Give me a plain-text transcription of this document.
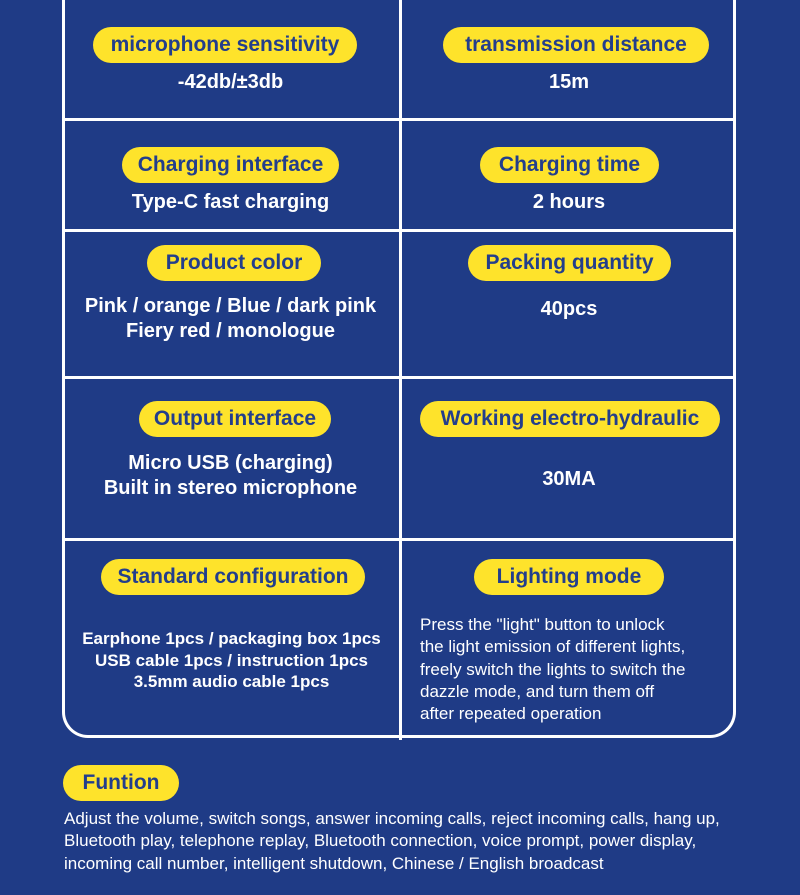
microphone sensitivity
-42db/±3db
transmission distance
15m
Charging interface
Type-C fast charging
Charging time
2 hours
Product color
Pink / orange / Blue / dark pink
Fiery red / monologue
Packing quantity
40pcs
Output interface
Micro USB (charging)
Built in stereo microphone
Working electro-hydraulic
30MA
Standard configuration
Earphone 1pcs / packaging box 1pcs
USB cable 1pcs / instruction 1pcs
3.5mm audio cable 1pcs
Lighting mode
Press the "light" button to unlock
the light emission of different lights,
freely switch the lights to switch the
dazzle mode, and turn them off
after repeated operation
Funtion
Adjust the volume, switch songs, answer incoming calls, reject incoming calls, hang up,
Bluetooth play, telephone replay, Bluetooth connection, voice prompt, power display,
incoming call number, intelligent shutdown, Chinese / English broadcast
